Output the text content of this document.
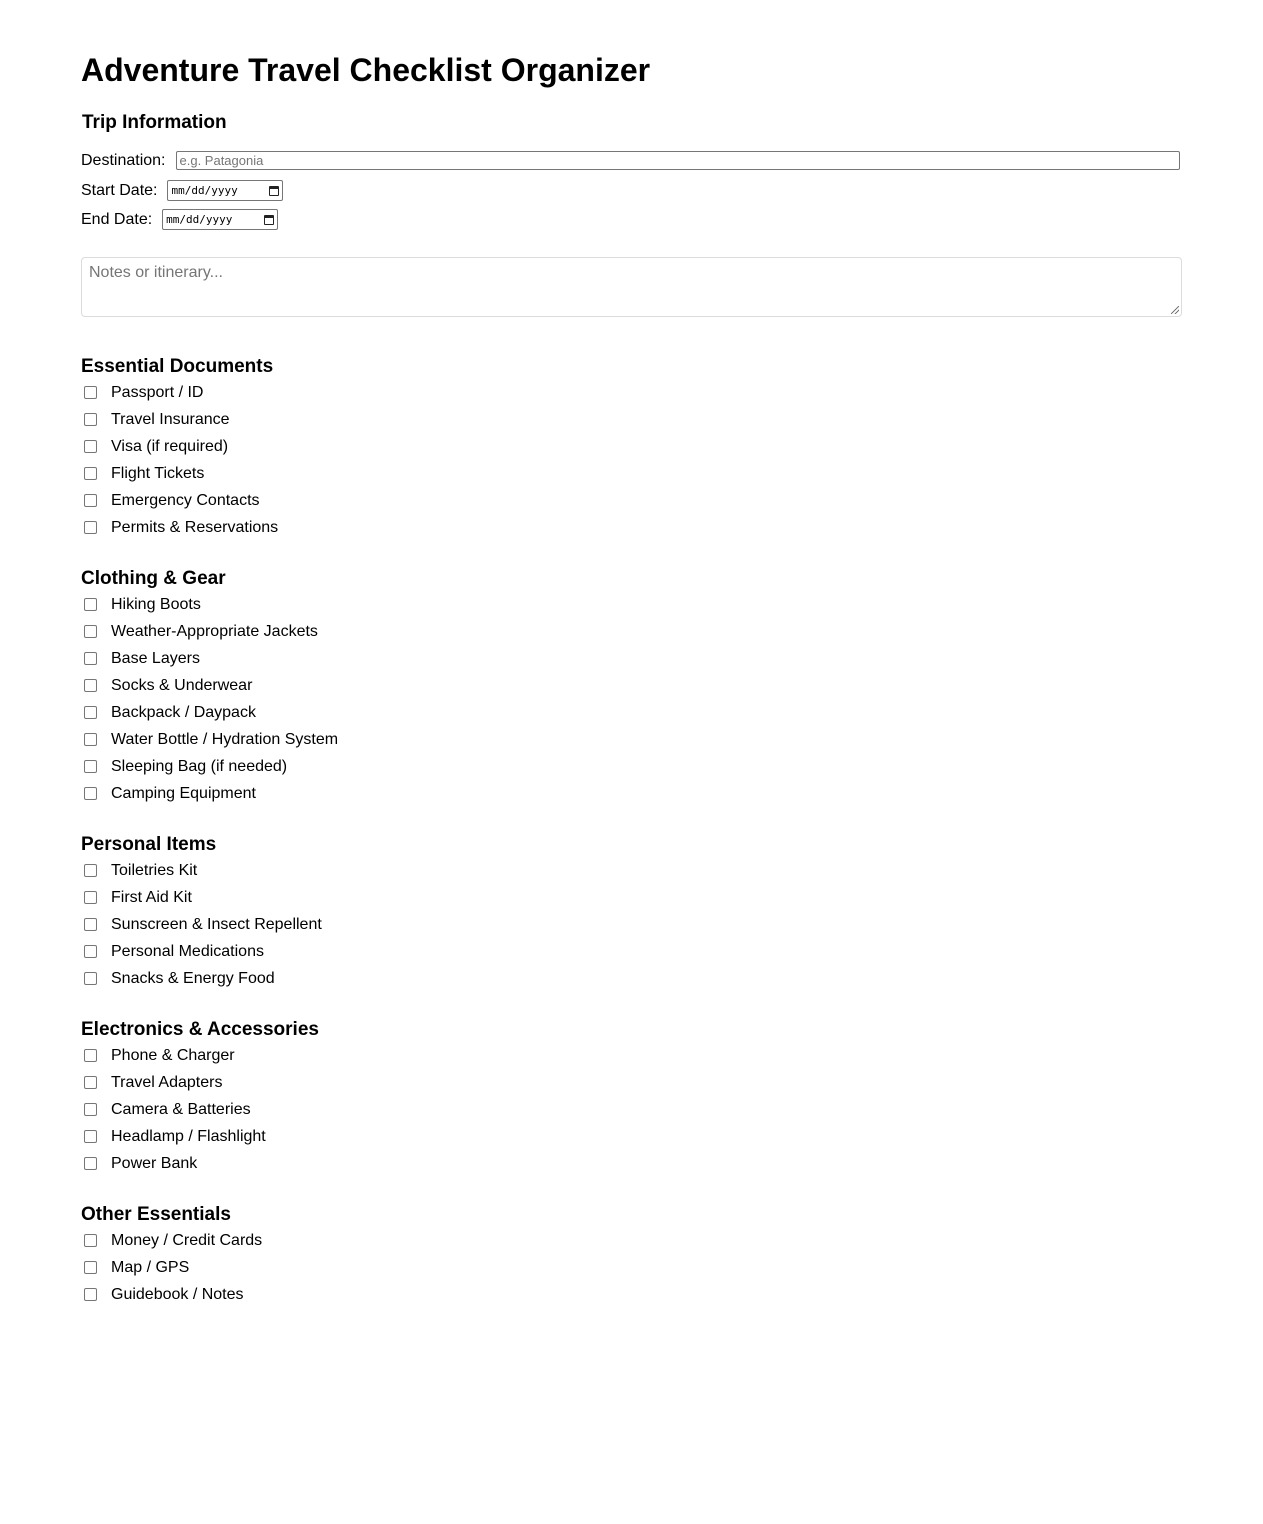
Adventure Travel Checklist Organizer
Trip Information
Destination:
e.g. Patagonia
Start Date: mm/dd/yyyy
End Date: mm/dd/yyyy
Notes or itinerary...
Essential Documents
Passport / ID
Travel Insurance
Visa (if required)
Flight Tickets
Emergency Contacts
Permits & Reservations
Clothing & Gear
Hiking Boots
Weather-Appropriate Jackets
Base Layers
Socks & Underwear
Backpack / Daypack
Water Bottle / Hydration System
Sleeping Bag (if needed)
Camping Equipment
Personal Items
Toiletries Kit
First Aid Kit
Sunscreen & Insect Repellent
Personal Medications
Snacks & Energy Food
Electronics & Accessories
Phone & Charger
Travel Adapters
Camera & Batteries
Headlamp / Flashlight
Power Bank
Other Essentials
Money / Credit Cards
Map / GPS
Guidebook / Notes
